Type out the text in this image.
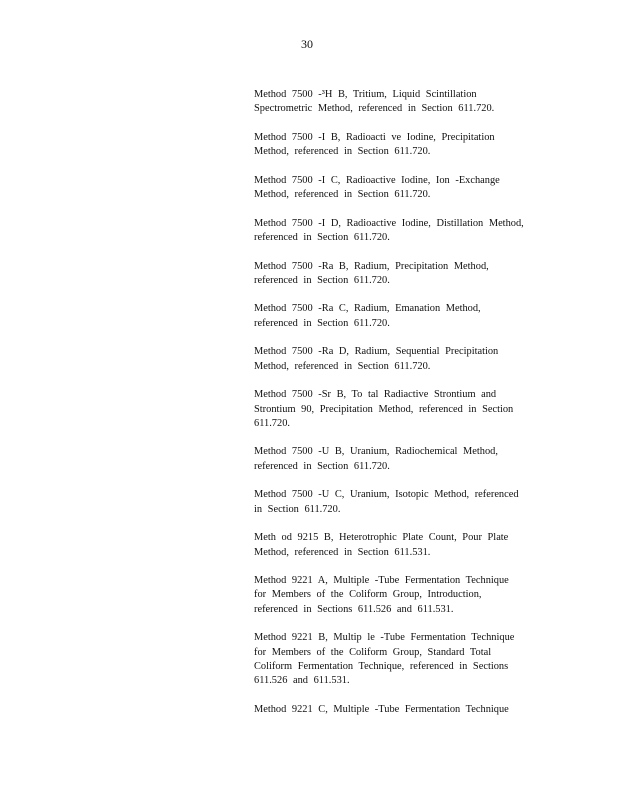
30

Method 7500 -³H B, Tritium, Liquid Scintillation
Spectrometric Method, referenced in Section 611.720.

Method 7500 -I B, Radioacti ve Iodine, Precipitation
Method, referenced in Section 611.720.

Method 7500 -I C, Radioactive Iodine, Ion -Exchange
Method, referenced in Section 611.720.

Method 7500 -I D, Radioactive Iodine, Distillation Method,
referenced in Section 611.720.

Method 7500 -Ra B, Radium, Precipitation Method,
referenced in Section 611.720.

Method 7500 -Ra C, Radium, Emanation Method,
referenced in Section 611.720.

Method 7500 -Ra D, Radium, Sequential Precipitation
Method, referenced in Section 611.720.

Method 7500 -Sr B, To tal Radiactive Strontium and
Strontium 90, Precipitation Method, referenced in Section
611.720.

Method 7500 -U B, Uranium, Radiochemical Method,
referenced in Section 611.720.

Method 7500 -U C, Uranium, Isotopic Method, referenced
in Section 611.720.

Meth od 9215 B, Heterotrophic Plate Count, Pour Plate
Method, referenced in Section 611.531.

Method 9221 A, Multiple -Tube Fermentation Technique
for Members of the Coliform Group, Introduction,
referenced in Sections 611.526 and 611.531.

Method 9221 B, Multip le -Tube Fermentation Technique
for Members of the Coliform Group, Standard Total
Coliform Fermentation Technique, referenced in Sections
611.526 and 611.531.

Method 9221 C, Multiple -Tube Fermentation Technique
